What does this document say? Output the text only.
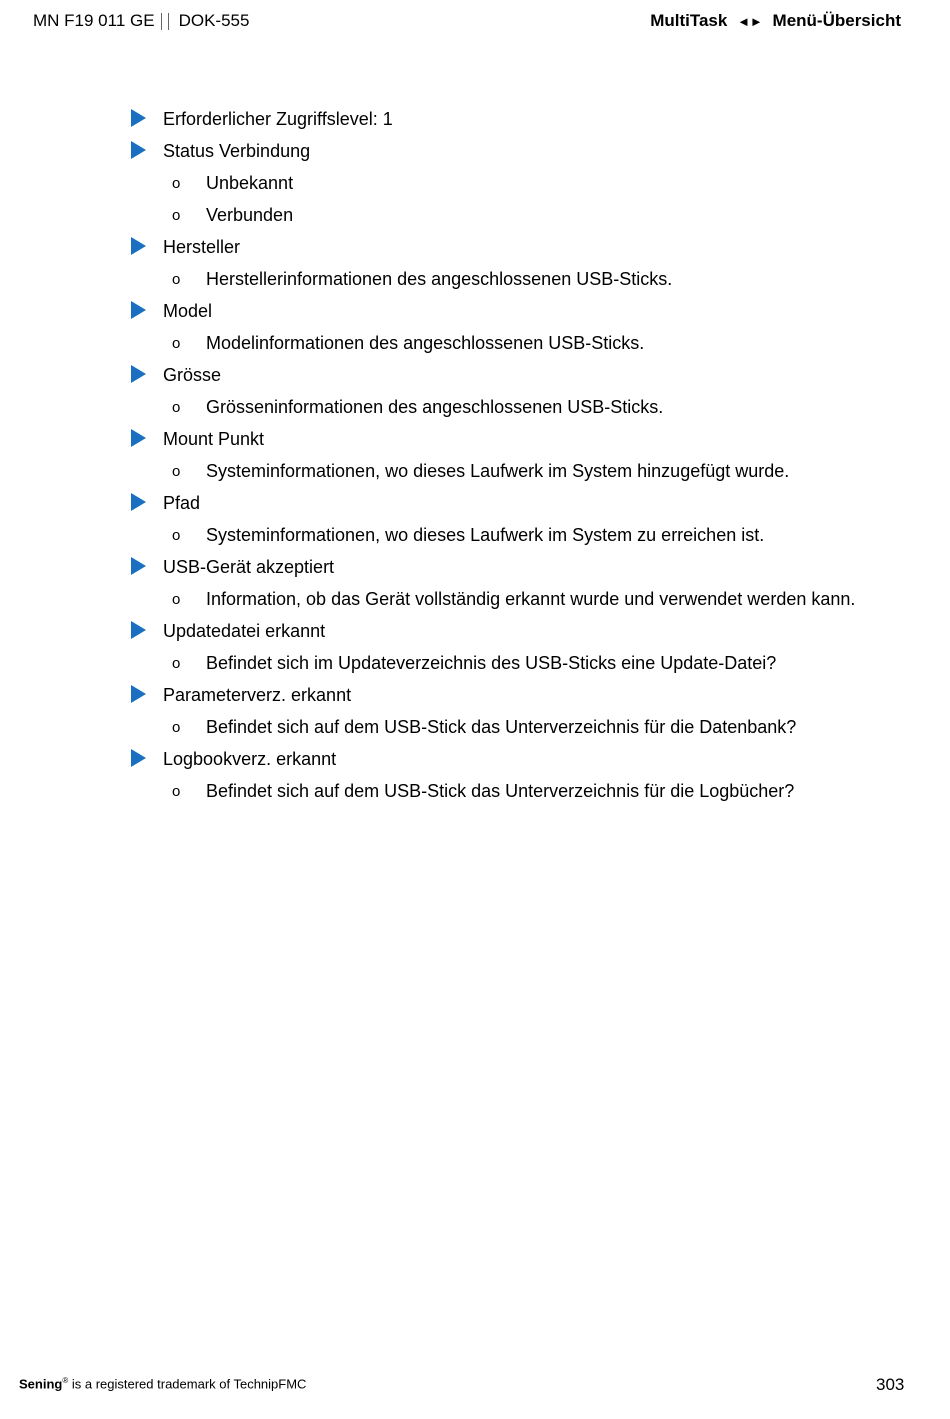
MN F19 011 GE DOK-555	MultiTask ◄► Menü-Übersicht
Erforderlicher Zugriffslevel: 1
Status Verbindung
o Unbekannt
o Verbunden
Hersteller
o Herstellerinformationen des angeschlossenen USB-Sticks.
Model
o Modelinformationen des angeschlossenen USB-Sticks.
Grösse
o Grösseninformationen des angeschlossenen USB-Sticks.
Mount Punkt
o Systeminformationen, wo dieses Laufwerk im System hinzugefügt wurde.
Pfad
o Systeminformationen, wo dieses Laufwerk im System zu erreichen ist.
USB-Gerät akzeptiert
o Information, ob das Gerät vollständig erkannt wurde und verwendet werden kann.
Updatedatei erkannt
o Befindet sich im Updateverzeichnis des USB-Sticks eine Update-Datei?
Parameterverz. erkannt
o Befindet sich auf dem USB-Stick das Unterverzeichnis für die Datenbank?
Logbookverz. erkannt
o Befindet sich auf dem USB-Stick das Unterverzeichnis für die Logbücher?
Sening® is a registered trademark of TechnipFMC	303
